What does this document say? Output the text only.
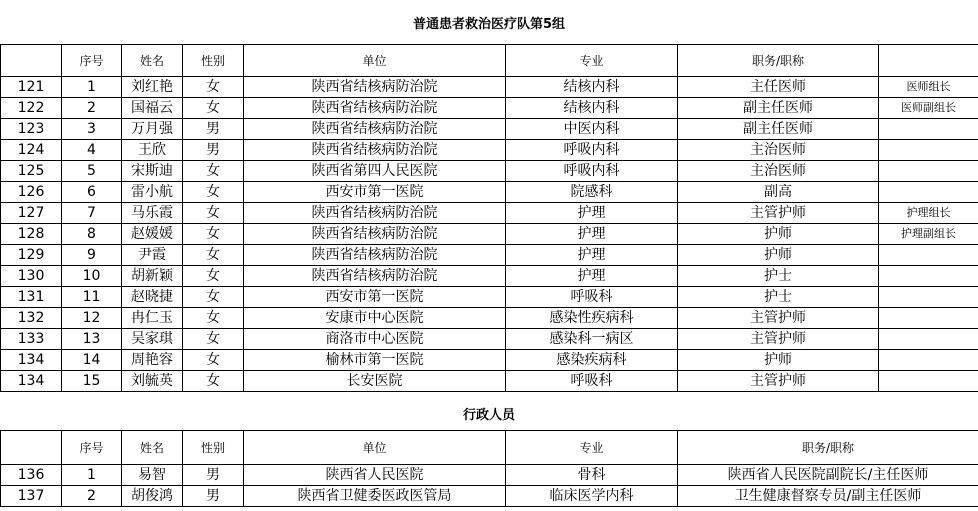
普通患者救治医疗队第5组
	序号	姓名	性别	单位	专业	职务/职称	
121	1	刘红艳	女	陕西省结核病防治院	结核内科	主任医师	医师组长
122	2	国福云	女	陕西省结核病防治院	结核内科	副主任医师	医师副组长
123	3	万月强	男	陕西省结核病防治院	中医内科	副主任医师	
124	4	王欣	男	陕西省结核病防治院	呼吸内科	主治医师	
125	5	宋斯迪	女	陕西省第四人民医院	呼吸内科	主治医师	
126	6	雷小航	女	西安市第一医院	院感科	副高	
127	7	马乐霞	女	陕西省结核病防治院	护理	主管护师	护理组长
128	8	赵媛媛	女	陕西省结核病防治院	护理	护师	护理副组长
129	9	尹霞	女	陕西省结核病防治院	护理	护师	
130	10	胡新颖	女	陕西省结核病防治院	护理	护士	
131	11	赵晓捷	女	西安市第一医院	呼吸科	护士	
132	12	冉仁玉	女	安康市中心医院	感染性疾病科	主管护师	
133	13	吴家琪	女	商洛市中心医院	感染科一病区	主管护师	
134	14	周艳容	女	榆林市第一医院	感染疾病科	护师	
134	15	刘毓英	女	长安医院	呼吸科	主管护师	
行政人员
	序号	姓名	性别	单位	专业	职务/职称
136	1	易智	男	陕西省人民医院	骨科	陕西省人民医院副院长/主任医师
137	2	胡俊鸿	男	陕西省卫健委医政医管局	临床医学内科	卫生健康督察专员/副主任医师
